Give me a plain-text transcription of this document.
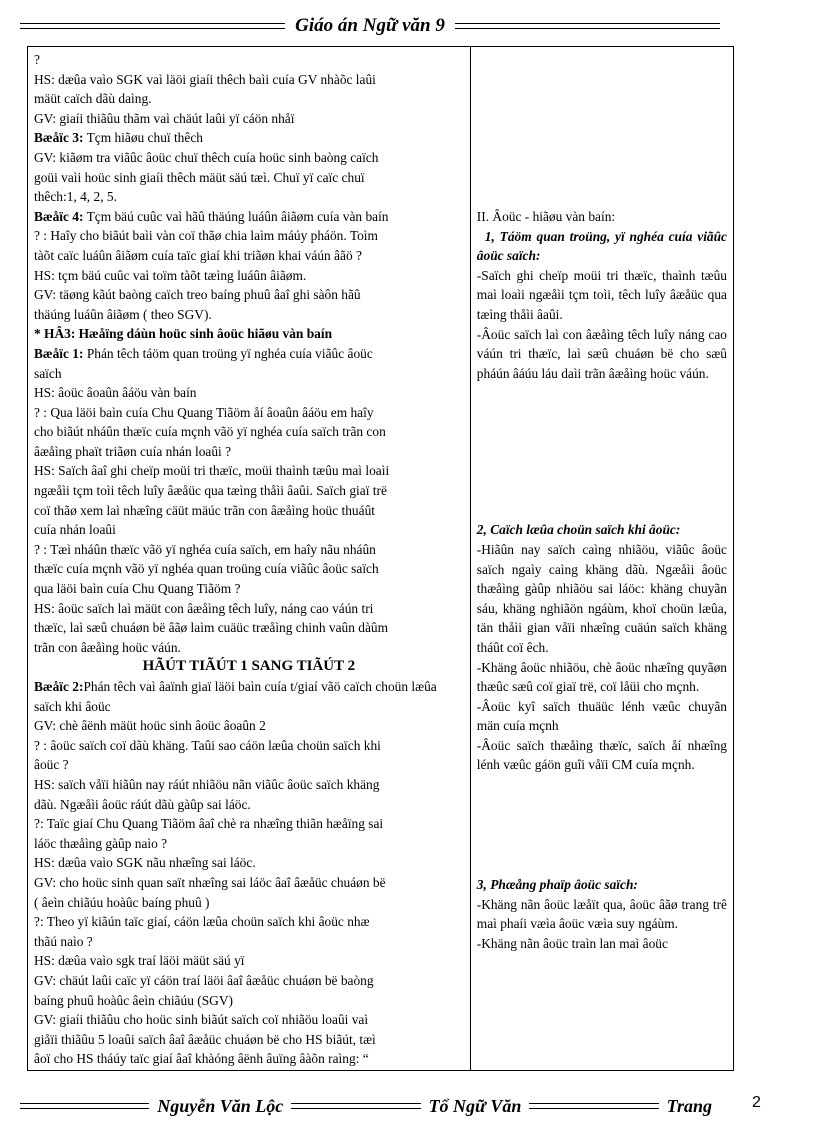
Giáo án Ngữ văn 9
?
HS: dæûa vaìo SGK vaì läöi giaíi thêch baìi cuía GV nhàõc laûi
mäüt caïch dãù daìng.
GV: giaíi thiãûu thãm vaì chäút laûi yï cáön nhåï
Bæåïc 3: Tçm hiãøu chuï thêch
GV: kiãøm tra viãûc âoüc chuï thêch cuía hoüc sinh baòng caïch
goüi vaìi hoüc sinh giaíi thêch mäüt säú tæì. Chuï yï caïc chuï
thêch:1, 4, 2, 5.
Bæåïc 4: Tçm bäú cuûc vaì hãû thäúng luáûn âiãøm cuía vàn baín
? : Haîy cho biãút baìi vàn coï thãø chia laìm máúy pháön. Toìm
tàõt caïc luáûn âiãøm cuía taïc giaí khi triãøn khai váún âãö ?
HS: tçm bäú cuûc vaì toïm tàõt tæìng luáûn âiãøm.
GV: täøng kãút baòng caïch treo baíng phuû âaî ghi sàôn hãû
thäúng luáûn âiãøm ( theo SGV).
* HÂ3: Hæåïng dáùn hoüc sinh âoüc hiãøu vàn baín
Bæåïc 1: Phán têch táöm quan troüng yï nghéa cuía viãûc âoüc
saïch
HS: âoüc âoaûn âáöu vàn baín
? : Qua läöi baìn cuía Chu Quang Tiãöm åí âoaûn âáöu em haîy
cho biãút nháûn thæïc cuía mçnh vãö yï nghéa cuía saïch trãn con
âæåìng phaït triãøn cuía nhán loaûi ?
HS: Saïch âaî ghi cheïp moüi tri thæïc, moüi thaình tæûu maì loaìi
ngæåìi tçm toìi têch luîy âæåüc qua tæìng thåìi âaûi. Saïch giaï trë
coï thãø xem laì nhæîng cäüt mäúc trãn con âæåìng hoüc thuáût
cuía nhán loaûi
? : Tæì nháûn thæïc vãö yï nghéa cuía saïch, em haîy nãu nháûn
thæïc cuía mçnh vãö yï nghéa quan troüng cuía viãûc âoüc saïch
qua läöi baìn cuía Chu Quang Tiãöm ?
HS: âoüc saïch laì mäüt con âæåìng têch luîy, náng cao váún tri
thæïc, laì sæû chuáøn bë âãø laìm cuäüc træåìng chinh vaûn dàûm
trãn con âæåìng hoüc váún.
HÃÚT TIÃÚT 1 SANG TIÃÚT 2
Bæåïc 2:Phán têch vaì âaïnh giaï läöi baìn cuía t/giaí vãö caïch choün læûa
saïch khi âoüc
GV: chè âënh mäüt hoüc sinh âoüc âoaûn 2
? : âoüc saïch coï dãù khäng. Taûi sao cáön læûa choün saïch khi
âoüc ?
HS: saïch våïi hiãûn nay ráút nhiãöu nãn viãûc âoüc saïch khäng
dãù. Ngæåìi âoüc ráút dãù gàûp sai láöc.
?: Taïc giaí Chu Quang Tiãöm âaî chè ra nhæîng thiãn hæåïng sai
láöc thæåìng gàûp naìo ?
HS: dæûa vaìo SGK nãu nhæîng sai láöc.
GV: cho hoüc sinh quan saït nhæîng sai láöc âaî âæåüc chuáøn bë
( âeìn chiãúu hoàûc baíng phuû )
?: Theo yï kiãún taïc giaí, cáön læûa choün saïch khi âoüc nhæ
thãú naìo ?
HS: dæûa vaìo sgk traí läöi mäüt säú yï
GV: chäút laûi caïc yï cáön traí läöi âaî âæåüc chuáøn bë baòng
baíng phuû hoàûc âeìn chiãúu (SGV)
GV: giaíi thiãûu cho hoüc sinh biãút saïch coï nhiãöu loaûi vaì
giåïi thiãûu 5 loaûi saïch âaî âæåüc chuáøn bë cho HS biãút, tæì
âoï cho HS tháúy taïc giaí âaî khàóng âënh âuïng âàõn raìng: “

II. Âoüc - hiãøu vàn baín:
1, Táöm quan troüng, yï nghéa cuía viãûc âoüc saïch:
-Saïch ghi cheïp moüi tri thæïc, thaình tæûu maì loaìi ngæåìi tçm toìi, têch luîy âæåüc qua tæìng thåìi âaûi.
-Âoüc saïch laì con âæåìng têch luîy náng cao váún tri thæïc, laì sæû chuáøn bë cho sæû pháún âáúu láu daìi trãn âæåìng hoüc váún.
2, Caïch læûa choün saïch khi âoüc:
-Hiãûn nay saïch caìng nhiãöu, viãûc âoüc saïch ngaìy caìng khäng dãù. Ngæåìi âoüc thæåìng gàûp nhiãöu sai láöc: khäng chuyãn sáu, khäng nghiãön ngáùm, khoï choün læûa, tän thåìi gian våïi nhæîng cuäún saïch khäng tháût coï êch.
-Khäng âoüc nhiãöu, chè âoüc nhæîng quyãøn thæûc sæû coï giaï trë, coï låüi cho mçnh.
-Âoüc kyî saïch thuäüc lénh væûc chuyãn män cuía mçnh
-Âoüc saïch thæåìng thæïc, saïch åí nhæîng lénh væûc gáön guîi våïi CM cuía mçnh.
3, Phæång phaïp âoüc saïch:
-Khäng nãn âoüc læåït qua, âoüc âãø trang trê maì phaíi væìa âoüc væìa suy ngáùm.
-Khäng nãn âoüc traìn lan maì âoüc
Nguyễn Văn Lộc	Tổ Ngữ Văn	Trang	2
